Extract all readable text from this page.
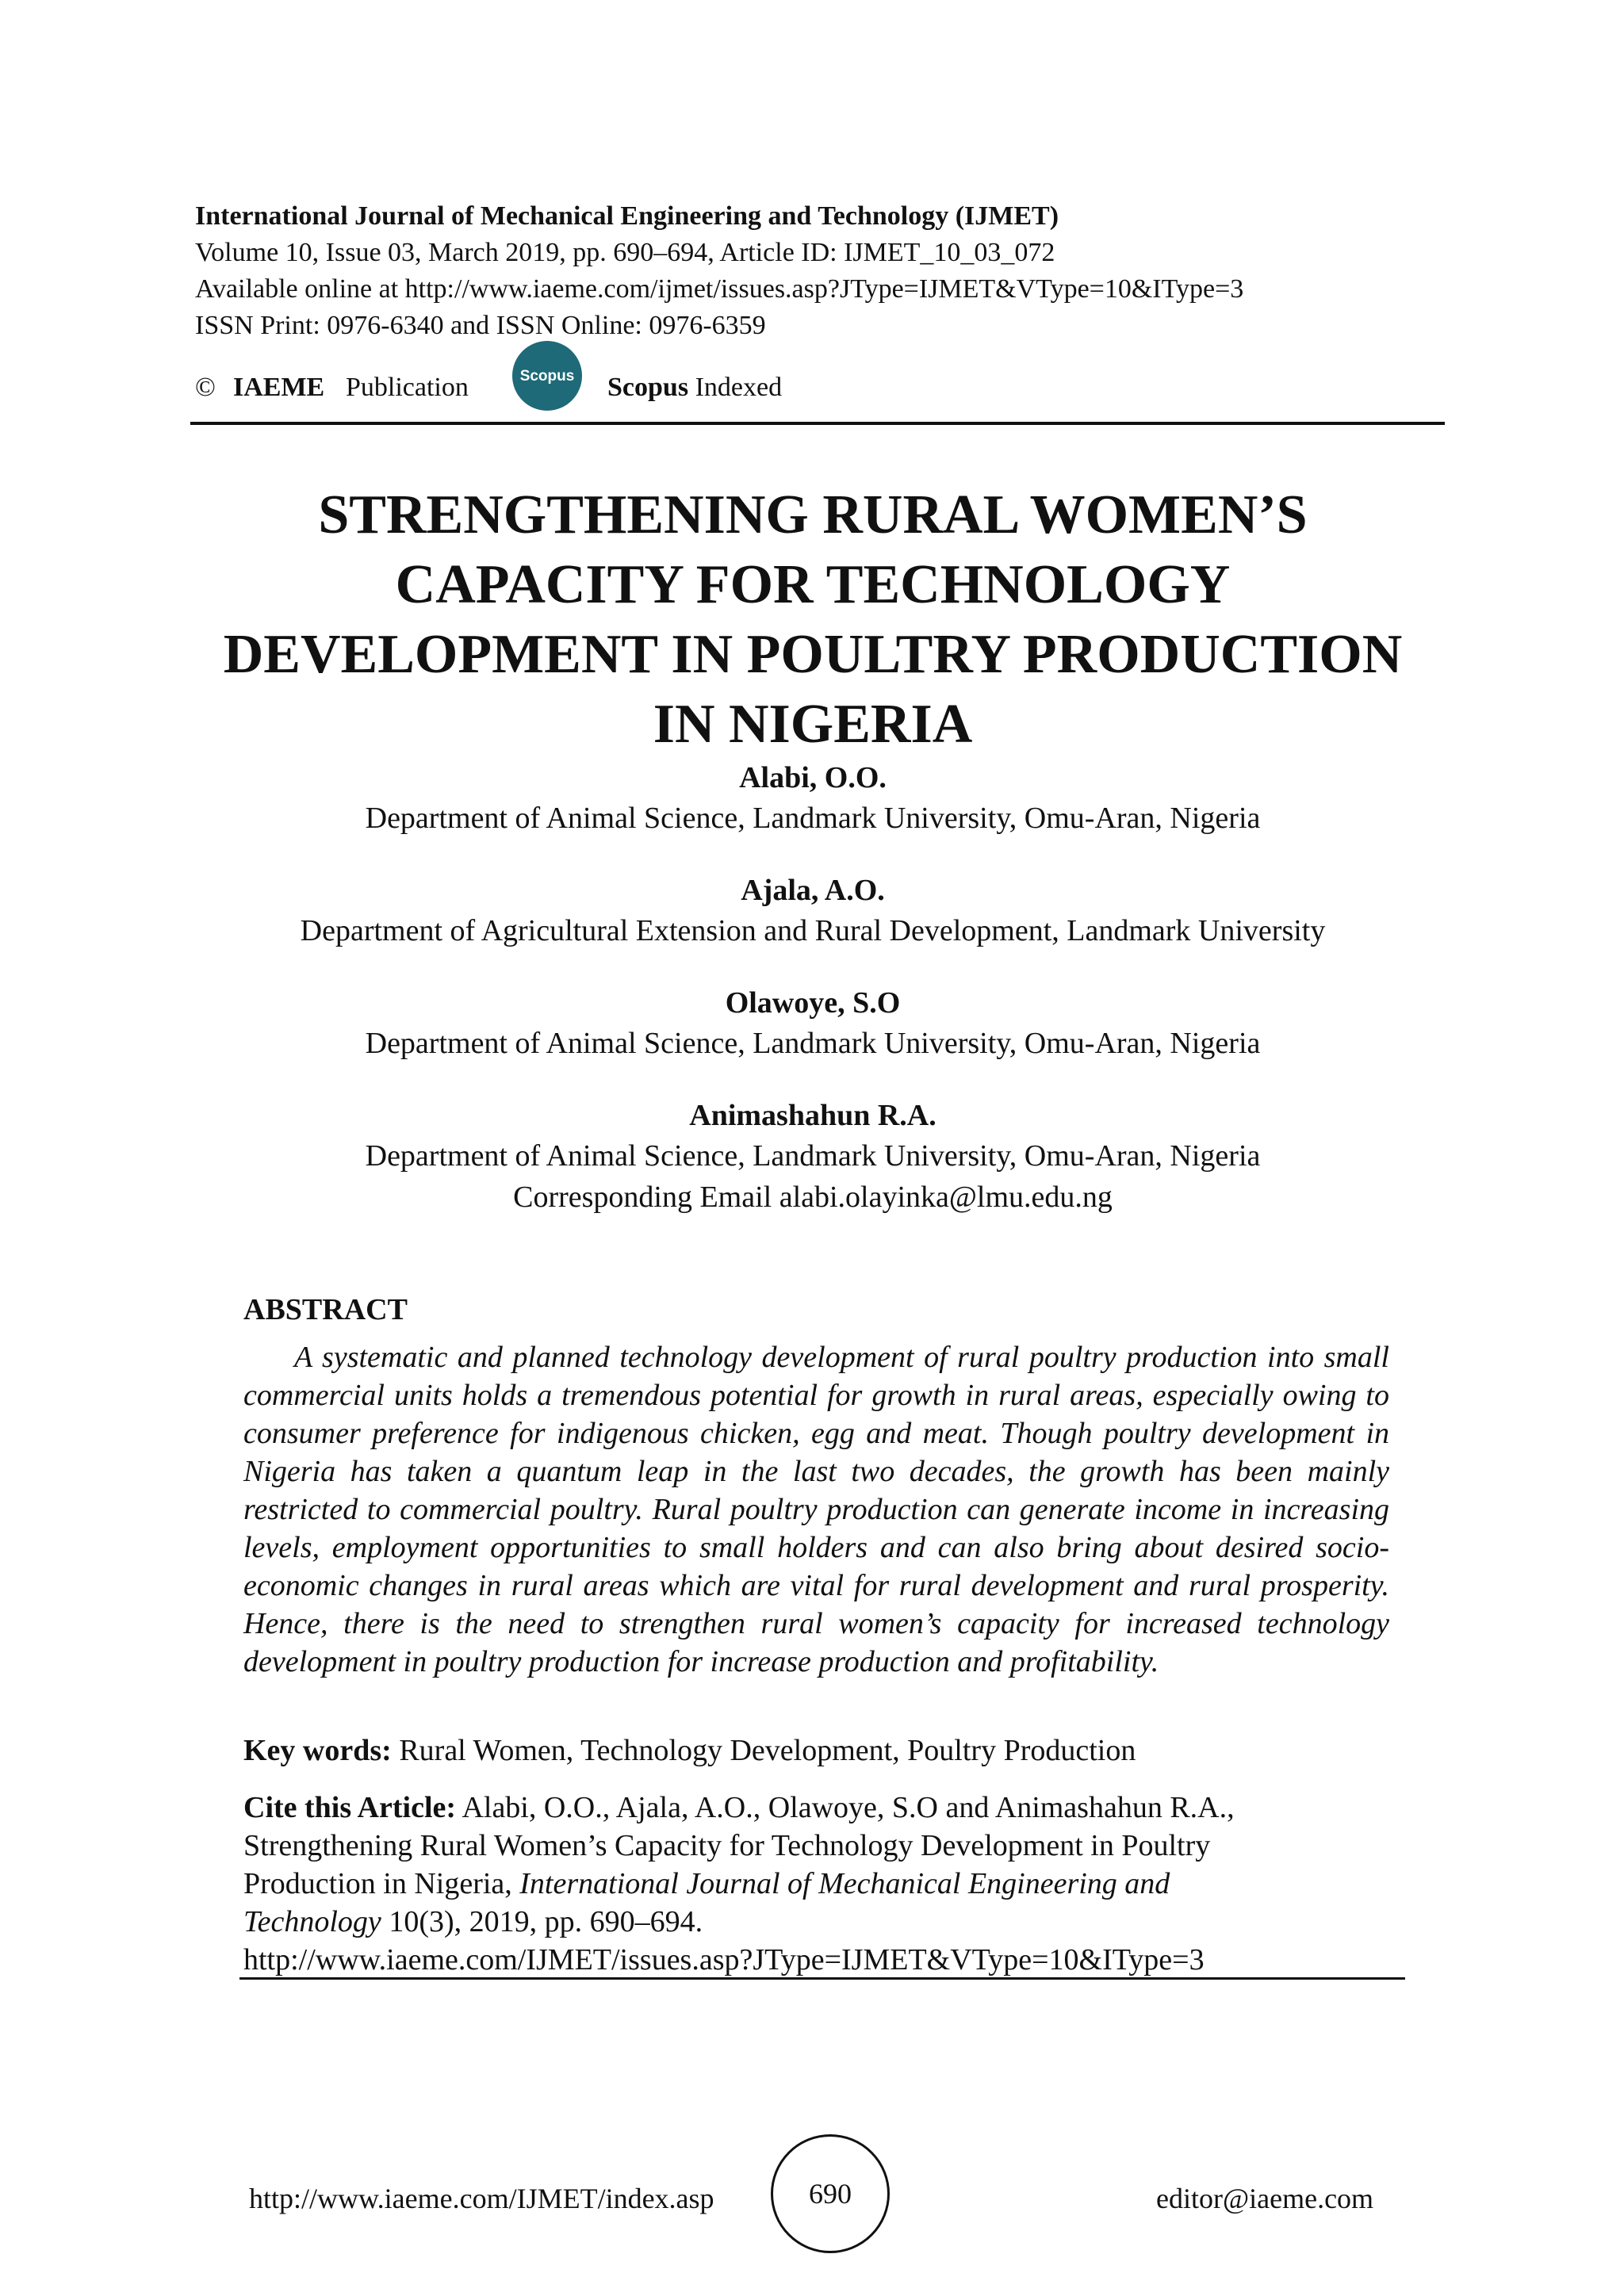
International Journal of Mechanical Engineering and Technology (IJMET)
Volume 10, Issue 03, March 2019, pp. 690–694, Article ID: IJMET_10_03_072
Available online at http://www.iaeme.com/ijmet/issues.asp?JType=IJMET&VType=10&IType=3
ISSN Print: 0976-6340 and ISSN Online: 0976-6359
© IAEME Publication	Scopus Scopus Indexed
STRENGTHENING RURAL WOMEN’S
CAPACITY FOR TECHNOLOGY
DEVELOPMENT IN POULTRY PRODUCTION
IN NIGERIA
Alabi, O.O.
Department of Animal Science, Landmark University, Omu-Aran, Nigeria
Ajala, A.O.
Department of Agricultural Extension and Rural Development, Landmark University
Olawoye, S.O
Department of Animal Science, Landmark University, Omu-Aran, Nigeria
Animashahun R.A.
Department of Animal Science, Landmark University, Omu-Aran, Nigeria
Corresponding Email alabi.olayinka@lmu.edu.ng
ABSTRACT
A systematic and planned technology development of rural poultry production into small commercial units holds a tremendous potential for growth in rural areas, especially owing to consumer preference for indigenous chicken, egg and meat. Though poultry development in Nigeria has taken a quantum leap in the last two decades, the growth has been mainly restricted to commercial poultry. Rural poultry production can generate income in increasing levels, employment opportunities to small holders and can also bring about desired socio-economic changes in rural areas which are vital for rural development and rural prosperity. Hence, there is the need to strengthen rural women’s capacity for increased technology development in poultry production for increase production and profitability.
Key words: Rural Women, Technology Development, Poultry Production
Cite this Article: Alabi, O.O., Ajala, A.O., Olawoye, S.O and Animashahun R.A.,
Strengthening Rural Women’s Capacity for Technology Development in Poultry
Production in Nigeria, International Journal of Mechanical Engineering and
Technology 10(3), 2019, pp. 690–694.
http://www.iaeme.com/IJMET/issues.asp?JType=IJMET&VType=10&IType=3
http://www.iaeme.com/IJMET/index.asp	690	editor@iaeme.com
